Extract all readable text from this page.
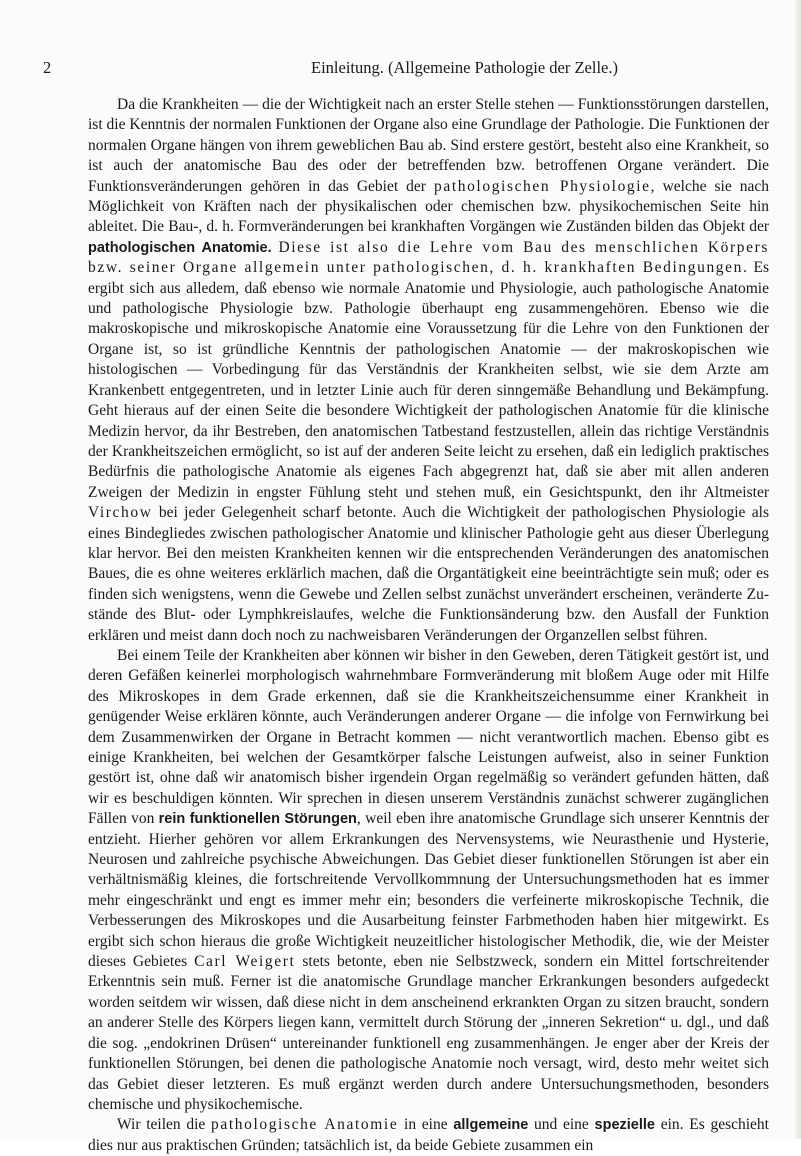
2	Einleitung. (Allgemeine Pathologie der Zelle.)

Da die Krankheiten — die der Wichtigkeit nach an erster Stelle stehen — Funktionsstörungen darstellen, ist die Kenntnis der normalen Funktionen der Organe also eine Grundlage der Pathologie. Die Funktionen der normalen Organe hängen von ihrem geweblichen Bau ab. Sind erstere gestört, besteht also eine Krankheit, so ist auch der anatomische Bau des oder der betreffenden bzw. betroffenen Organe verändert. Die Funktionsveränderungen gehören in das Gebiet der pathologischen Physiologie, welche sie nach Möglichkeit von Kräften nach der physikalischen oder chemischen bzw. physikochemischen Seite hin ableitet. Die Bau-, d. h. Formveränderungen bei krankhaften Vorgängen wie Zuständen bilden das Objekt der pathologischen Anatomie. Diese ist also die Lehre vom Bau des menschlichen Körpers bzw. seiner Organe allgemein unter pathologischen, d. h. krankhaften Bedingungen. Es ergibt sich aus alledem, daß ebenso wie normale Anatomie und Physiologie, auch pathologische Anatomie und pathologische Physiologie bzw. Pathologie überhaupt eng zusammengehören. Ebenso wie die makroskopische und mikroskopische Anatomie eine Voraussetzung für die Lehre von den Funktionen der Organe ist, so ist gründliche Kenntnis der pathologischen Anatomie — der makroskopischen wie histologischen — Vorbedingung für das Verständnis der Krankheiten selbst, wie sie dem Arzte am Krankenbett entgegentreten, und in letzter Linie auch für deren sinngemäße Behandlung und Bekämpfung. Geht hieraus auf der einen Seite die besondere Wichtigkeit der pathologischen Anatomie für die klinische Medizin hervor, da ihr Bestreben, den anatomischen Tatbestand festzustellen, allein das richtige Verständnis der Krankheitszeichen ermöglicht, so ist auf der anderen Seite leicht zu ersehen, daß ein lediglich praktisches Bedürfnis die pathologische Anatomie als eigenes Fach abgegrenzt hat, daß sie aber mit allen anderen Zweigen der Medizin in engster Fühlung steht und stehen muß, ein Gesichtspunkt, den ihr Altmeister Virchow bei jeder Gelegenheit scharf betonte. Auch die Wichtigkeit der pathologischen Physiologie als eines Bindegliedes zwischen pathologischer Anatomie und klinischer Pathologie geht aus dieser Überlegung klar hervor. Bei den meisten Krankheiten kennen wir die entsprechenden Veränderungen des anatomischen Baues, die es ohne weiteres erklärlich machen, daß die Organtätigkeit eine beeinträchtigte sein muß; oder es finden sich wenigstens, wenn die Gewebe und Zellen selbst zunächst unverändert erscheinen, veränderte Zustände des Blut- oder Lymphkreislaufes, welche die Funktionsänderung bzw. den Ausfall der Funktion erklären und meist dann doch noch zu nachweisbaren Veränderungen der Organzellen selbst führen.

Bei einem Teile der Krankheiten aber können wir bisher in den Geweben, deren Tätigkeit gestört ist, und deren Gefäßen keinerlei morphologisch wahrnehmbare Formveränderung mit bloßem Auge oder mit Hilfe des Mikroskopes in dem Grade erkennen, daß sie die Krankheitszeichensumme einer Krankheit in genügender Weise erklären könnte, auch Veränderungen anderer Organe — die infolge von Fernwirkung bei dem Zusammenwirken der Organe in Betracht kommen — nicht verantwortlich machen. Ebenso gibt es einige Krankheiten, bei welchen der Gesamtkörper falsche Leistungen aufweist, also in seiner Funktion gestört ist, ohne daß wir anatomisch bisher irgendein Organ regelmäßig so verändert gefunden hätten, daß wir es beschuldigen könnten. Wir sprechen in diesen unserem Verständnis zunächst schwerer zugänglichen Fällen von rein funktionellen Störungen, weil eben ihre anatomische Grundlage sich unserer Kenntnis der entzieht. Hierher gehören vor allem Erkrankungen des Nervensystems, wie Neurasthenie und Hysterie, Neurosen und zahlreiche psychische Abweichungen. Das Gebiet dieser funktionellen Störungen ist aber ein verhältnismäßig kleines, die fortschreitende Vervollkommnung der Untersuchungsmethoden hat es immer mehr eingeschränkt und engt es immer mehr ein; besonders die verfeinerte mikroskopische Technik, die Verbesserungen des Mikroskopes und die Ausarbeitung feinster Farbmethoden haben hier mitgewirkt. Es ergibt sich schon hieraus die große Wichtigkeit neuzeitlicher histologischer Methodik, die, wie der Meister dieses Gebietes Carl Weigert stets betonte, eben nie Selbstzweck, sondern ein Mittel fortschreitender Erkenntnis sein muß. Ferner ist die anatomische Grundlage mancher Erkrankungen besonders aufgedeckt worden seitdem wir wissen, daß diese nicht in dem anscheinend erkrankten Organ zu sitzen braucht, sondern an anderer Stelle des Körpers liegen kann, vermittelt durch Störung der „inneren Sekretion“ u. dgl., und daß die sog. „endokrinen Drüsen“ untereinander funktionell eng zusammenhängen. Je enger aber der Kreis der funktionellen Störungen, bei denen die pathologische Anatomie noch versagt, wird, desto mehr weitet sich das Gebiet dieser letzteren. Es muß ergänzt werden durch andere Untersuchungsmethoden, besonders chemische und physikochemische.

Wir teilen die pathologische Anatomie in eine allgemeine und eine spezielle ein. Es geschieht dies nur aus praktischen Gründen; tatsächlich ist, da beide Gebiete zusammen ein
